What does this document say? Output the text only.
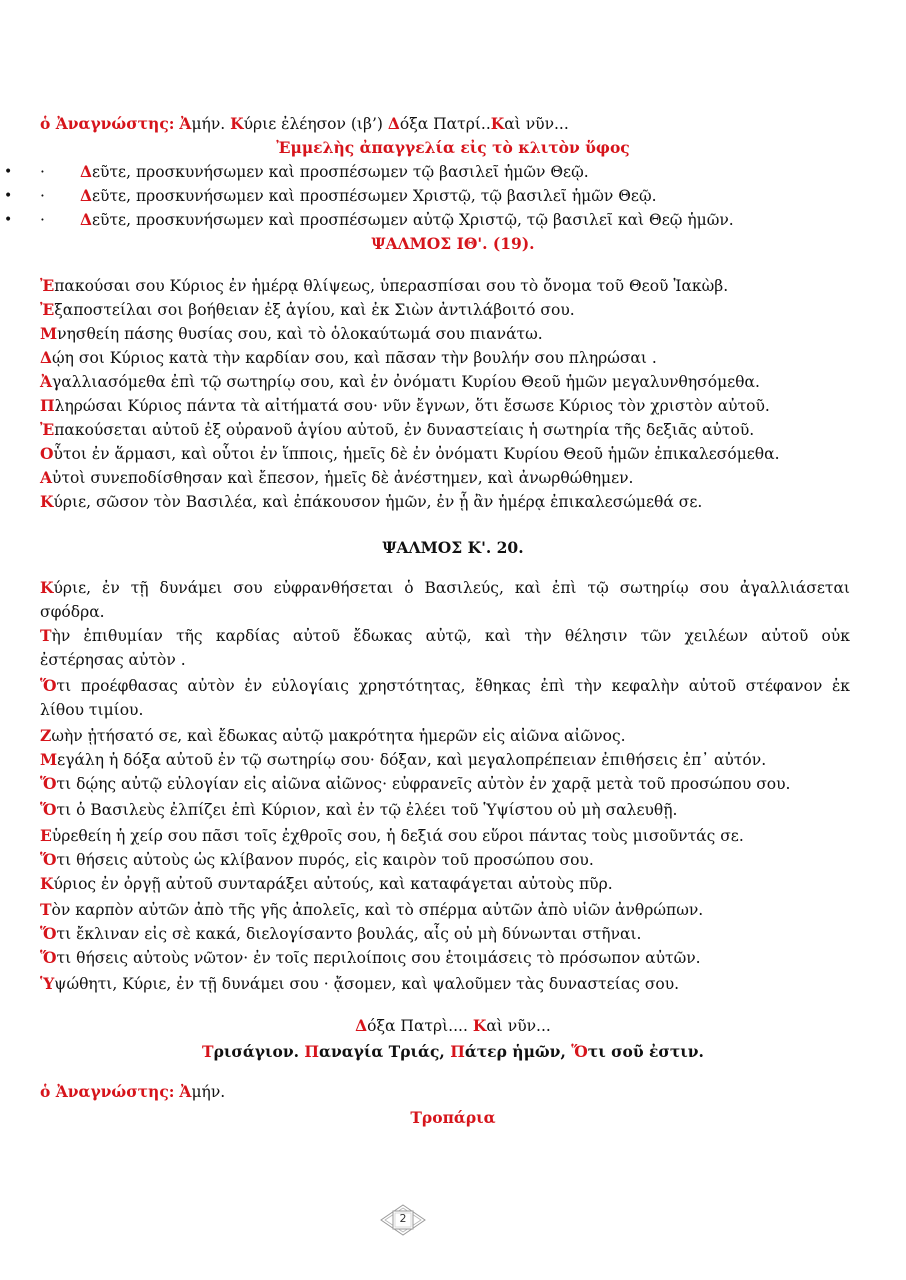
ὁ Ἀναγνώστης: Ἀμήν. Κύριε ἐλέησον (ιβ’) Δόξα Πατρί..Καὶ νῦν...
Ἐμμελὴς ἀπαγγελία εἰς τὸ κλιτὸν ὕφος
• · Δεῦτε, προσκυνήσωμεν καὶ προσπέσωμεν τῷ βασιλεῖ ἡμῶν Θεῷ.
• · Δεῦτε, προσκυνήσωμεν καὶ προσπέσωμεν Χριστῷ, τῷ βασιλεῖ ἡμῶν Θεῷ.
• · Δεῦτε, προσκυνήσωμεν καὶ προσπέσωμεν αὐτῷ Χριστῷ, τῷ βασιλεῖ καὶ Θεῷ ἡμῶν.
ΨΑΛΜΟΣ ΙΘ'. (19).
Ἐπακούσαι σου Κύριος ἐν ἡμέρᾳ θλίψεως, ὑπερασπίσαι σου τὸ ὄνομα τοῦ Θεοῦ Ἰακὼβ.
Ἐξαποστείλαι σοι βοήθειαν ἐξ ἁγίου, καὶ ἐκ Σιὼν ἀντιλάβοιτό σου.
Μνησθείη πάσης θυσίας σου, καὶ τὸ ὁλοκαύτωμά σου πιανάτω.
Δῴη σοι Κύριος κατὰ τὴν καρδίαν σου, καὶ πᾶσαν τὴν βουλήν σου πληρώσαι .
Ἀγαλλιασόμεθα ἐπὶ τῷ σωτηρίῳ σου, καὶ ἐν ὀνόματι Κυρίου Θεοῦ ἡμῶν μεγαλυνθησόμεθα.
Πληρώσαι Κύριος πάντα τὰ αἰτήματά σου· νῦν ἔγνων, ὅτι ἔσωσε Κύριος τὸν χριστὸν αὐτοῦ.
Ἐπακούσεται αὐτοῦ ἐξ οὐρανοῦ ἁγίου αὐτοῦ, ἐν δυναστείαις ἡ σωτηρία τῆς δεξιᾶς αὐτοῦ.
Οὗτοι ἐν ἅρμασι, καὶ οὗτοι ἐν ἵπποις, ἡμεῖς δὲ ἐν ὀνόματι Κυρίου Θεοῦ ἡμῶν ἐπικαλεσόμεθα.
Αὐτοὶ συνεποδίσθησαν καὶ ἔπεσον, ἡμεῖς δὲ ἀνέστημεν, καὶ ἀνωρθώθημεν.
Κύριε, σῶσον τὸν Βασιλέα, καὶ ἐπάκουσον ἡμῶν, ἐν ᾗ ἂν ἡμέρᾳ ἐπικαλεσώμεθά σε.
ΨΑΛΜΟΣ Κ'. 20.
Κύριε, ἐν τῇ δυνάμει σου εὐφρανθήσεται ὁ Βασιλεύς, καὶ ἐπὶ τῷ σωτηρίῳ σου ἀγαλλιάσεται
σφόδρα.
Τὴν ἐπιθυμίαν τῆς καρδίας αὐτοῦ ἔδωκας αὐτῷ, καὶ τὴν θέλησιν τῶν χειλέων αὐτοῦ οὐκ
ἐστέρησας αὐτὸν .
Ὅτι προέφθασας αὐτὸν ἐν εὐλογίαις χρηστότητας, ἔθηκας ἐπὶ τὴν κεφαλὴν αὐτοῦ στέφανον ἐκ
λίθου τιμίου.
Ζωὴν ᾐτήσατό σε, καὶ ἔδωκας αὐτῷ μακρότητα ἡμερῶν εἰς αἰῶνα αἰῶνος.
Μεγάλη ἡ δόξα αὐτοῦ ἐν τῷ σωτηρίῳ σου· δόξαν, καὶ μεγαλοπρέπειαν ἐπιθήσεις ἐπ᾿ αὐτόν.
Ὅτι δῴης αὐτῷ εὐλογίαν εἰς αἰῶνα αἰῶνος· εὐφρανεῖς αὐτὸν ἐν χαρᾷ μετὰ τοῦ προσώπου σου.
Ὅτι ὁ Βασιλεὺς ἐλπίζει ἐπὶ Κύριον, καὶ ἐν τῷ ἐλέει τοῦ Ὑψίστου οὐ μὴ σαλευθῇ.
Εὑρεθείη ἡ χείρ σου πᾶσι τοῖς ἐχθροῖς σου, ἡ δεξιά σου εὕροι πάντας τοὺς μισοῦντάς σε.
Ὅτι θήσεις αὐτοὺς ὡς κλίβανον πυρός, εἰς καιρὸν τοῦ προσώπου σου.
Κύριος ἐν ὀργῇ αὐτοῦ συνταράξει αὐτούς, καὶ καταφάγεται αὐτοὺς πῦρ.
Τὸν καρπὸν αὐτῶν ἀπὸ τῆς γῆς ἀπολεῖς, καὶ τὸ σπέρμα αὐτῶν ἀπὸ υἱῶν ἀνθρώπων.
Ὅτι ἔκλιναν εἰς σὲ κακά, διελογίσαντο βουλάς, αἷς οὐ μὴ δύνωνται στῆναι.
Ὅτι θήσεις αὐτοὺς νῶτον· ἐν τοῖς περιλοίποις σου ἑτοιμάσεις τὸ πρόσωπον αὐτῶν.
Ὑψώθητι, Κύριε, ἐν τῇ δυνάμει σου · ᾄσομεν, καὶ ψαλοῦμεν τὰς δυναστείας σου.
Δόξα Πατρὶ.... Καὶ νῦν...
Τρισάγιον. Παναγία Τριάς, Πάτερ ἡμῶν, Ὅτι σοῦ ἐστιν.
ὁ Ἀναγνώστης: Ἀμήν.
Τροπάρια
2
